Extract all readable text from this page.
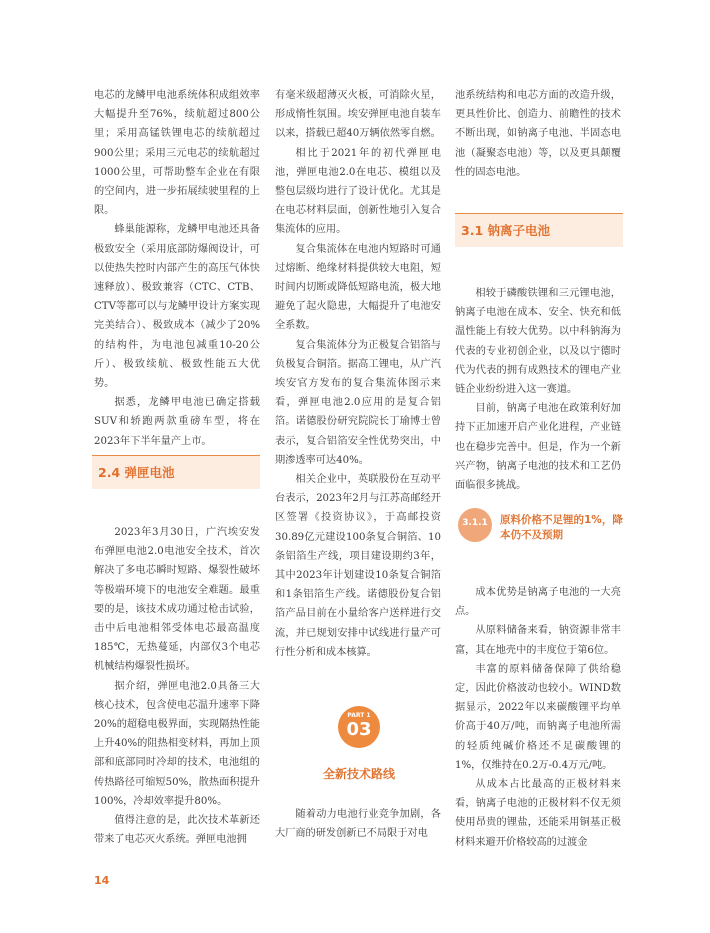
电芯的龙鳞甲电池系统体积成组效率大幅提升至76%，续航超过800公里；采用高锰铁锂电芯的续航超过900公里；采用三元电芯的续航超过1000公里，可帮助整车企业在有限的空间内，进一步拓展续驶里程的上限。

蜂巢能源称，龙鳞甲电池还具备极致安全（采用底部防爆阀设计，可以使热失控时内部产生的高压气体快速释放）、极致兼容（CTC、CTB、CTV等都可以与龙鳞甲设计方案实现完美结合）、极致成本（减少了20%的结构件，为电池包减重10-20公斤）、极致续航、极致性能五大优势。

据悉，龙鳞甲电池已确定搭载SUV和轿跑两款重磅车型，将在2023年下半年量产上市。

2.4 弹匣电池

2023年3月30日，广汽埃安发布弹匣电池2.0电池安全技术，首次解决了多电芯瞬时短路、爆裂性破坏等极端环境下的电池安全难题。最重要的是，该技术成功通过枪击试验，击中后电池相邻受体电芯最高温度185℃，无热蔓延，内部仅3个电芯机械结构爆裂性损坏。

据介绍，弹匣电池2.0具备三大核心技术，包含使电芯温升速率下降20%的超稳电极界面，实现隔热性能上升40%的阻热相变材料，再加上顶部和底部同时冷却的技术，电池组的传热路径可缩短50%，散热面积提升100%，冷却效率提升80%。

值得注意的是，此次技术革新还带来了电芯灭火系统。弹匣电池拥

有毫米级超薄灭火板，可消除火星，形成惰性氛围。埃安弹匣电池自装车以来，搭载已超40万辆依然零自燃。

相比于2021年的初代弹匣电池，弹匣电池2.0在电芯、模组以及整包层级均进行了设计优化。尤其是在电芯材料层面，创新性地引入复合集流体的应用。

复合集流体在电池内短路时可通过熔断、绝缘材料提供较大电阻，短时间内切断或降低短路电流，极大地避免了起火隐患，大幅提升了电池安全系数。

复合集流体分为正极复合铝箔与负极复合铜箔。据高工锂电，从广汽埃安官方发布的复合集流体图示来看，弹匣电池2.0应用的是复合铝箔。诺德股份研究院院长丁瑜博士曾表示，复合铝箔安全性优势突出，中期渗透率可达40%。

相关企业中，英联股份在互动平台表示，2023年2月与江苏高邮经开区签署《投资协议》，于高邮投资30.89亿元建设100条复合铜箔、10条铝箔生产线，项目建设期约3年，其中2023年计划建设10条复合铜箔和1条铝箔生产线。诺德股份复合铝箔产品目前在小量给客户送样进行交流，并已规划安排中试线进行量产可行性分析和成本核算。

PART 1
03
全新技术路线

随着动力电池行业竞争加剧，各大厂商的研发创新已不局限于对电

池系统结构和电芯方面的改造升级，更具性价比、创造力、前瞻性的技术不断出现，如钠离子电池、半固态电池（凝聚态电池）等，以及更具颠覆性的固态电池。

3.1 钠离子电池

相较于磷酸铁锂和三元锂电池，钠离子电池在成本、安全、快充和低温性能上有较大优势。以中科钠海为代表的专业初创企业，以及以宁德时代为代表的拥有成熟技术的锂电产业链企业纷纷进入这一赛道。

目前，钠离子电池在政策利好加持下正加速开启产业化进程，产业链也在稳步完善中。但是，作为一个新兴产物，钠离子电池的技术和工艺仍面临很多挑战。

3.1.1	原料价格不足锂的1%，降本仍不及预期

成本优势是钠离子电池的一大亮点。

从原料储备来看，钠资源非常丰富，其在地壳中的丰度位于第6位。

丰富的原料储备保障了供给稳定，因此价格波动也较小。WIND数据显示，2022年以来碳酸锂平均单价高于40万/吨，而钠离子电池所需的轻质纯碱价格还不足碳酸锂的1%，仅维持在0.2万-0.4万元/吨。

从成本占比最高的正极材料来看，钠离子电池的正极材料不仅无须使用昂贵的锂盐，还能采用铜基正极材料来避开价格较高的过渡金

14
